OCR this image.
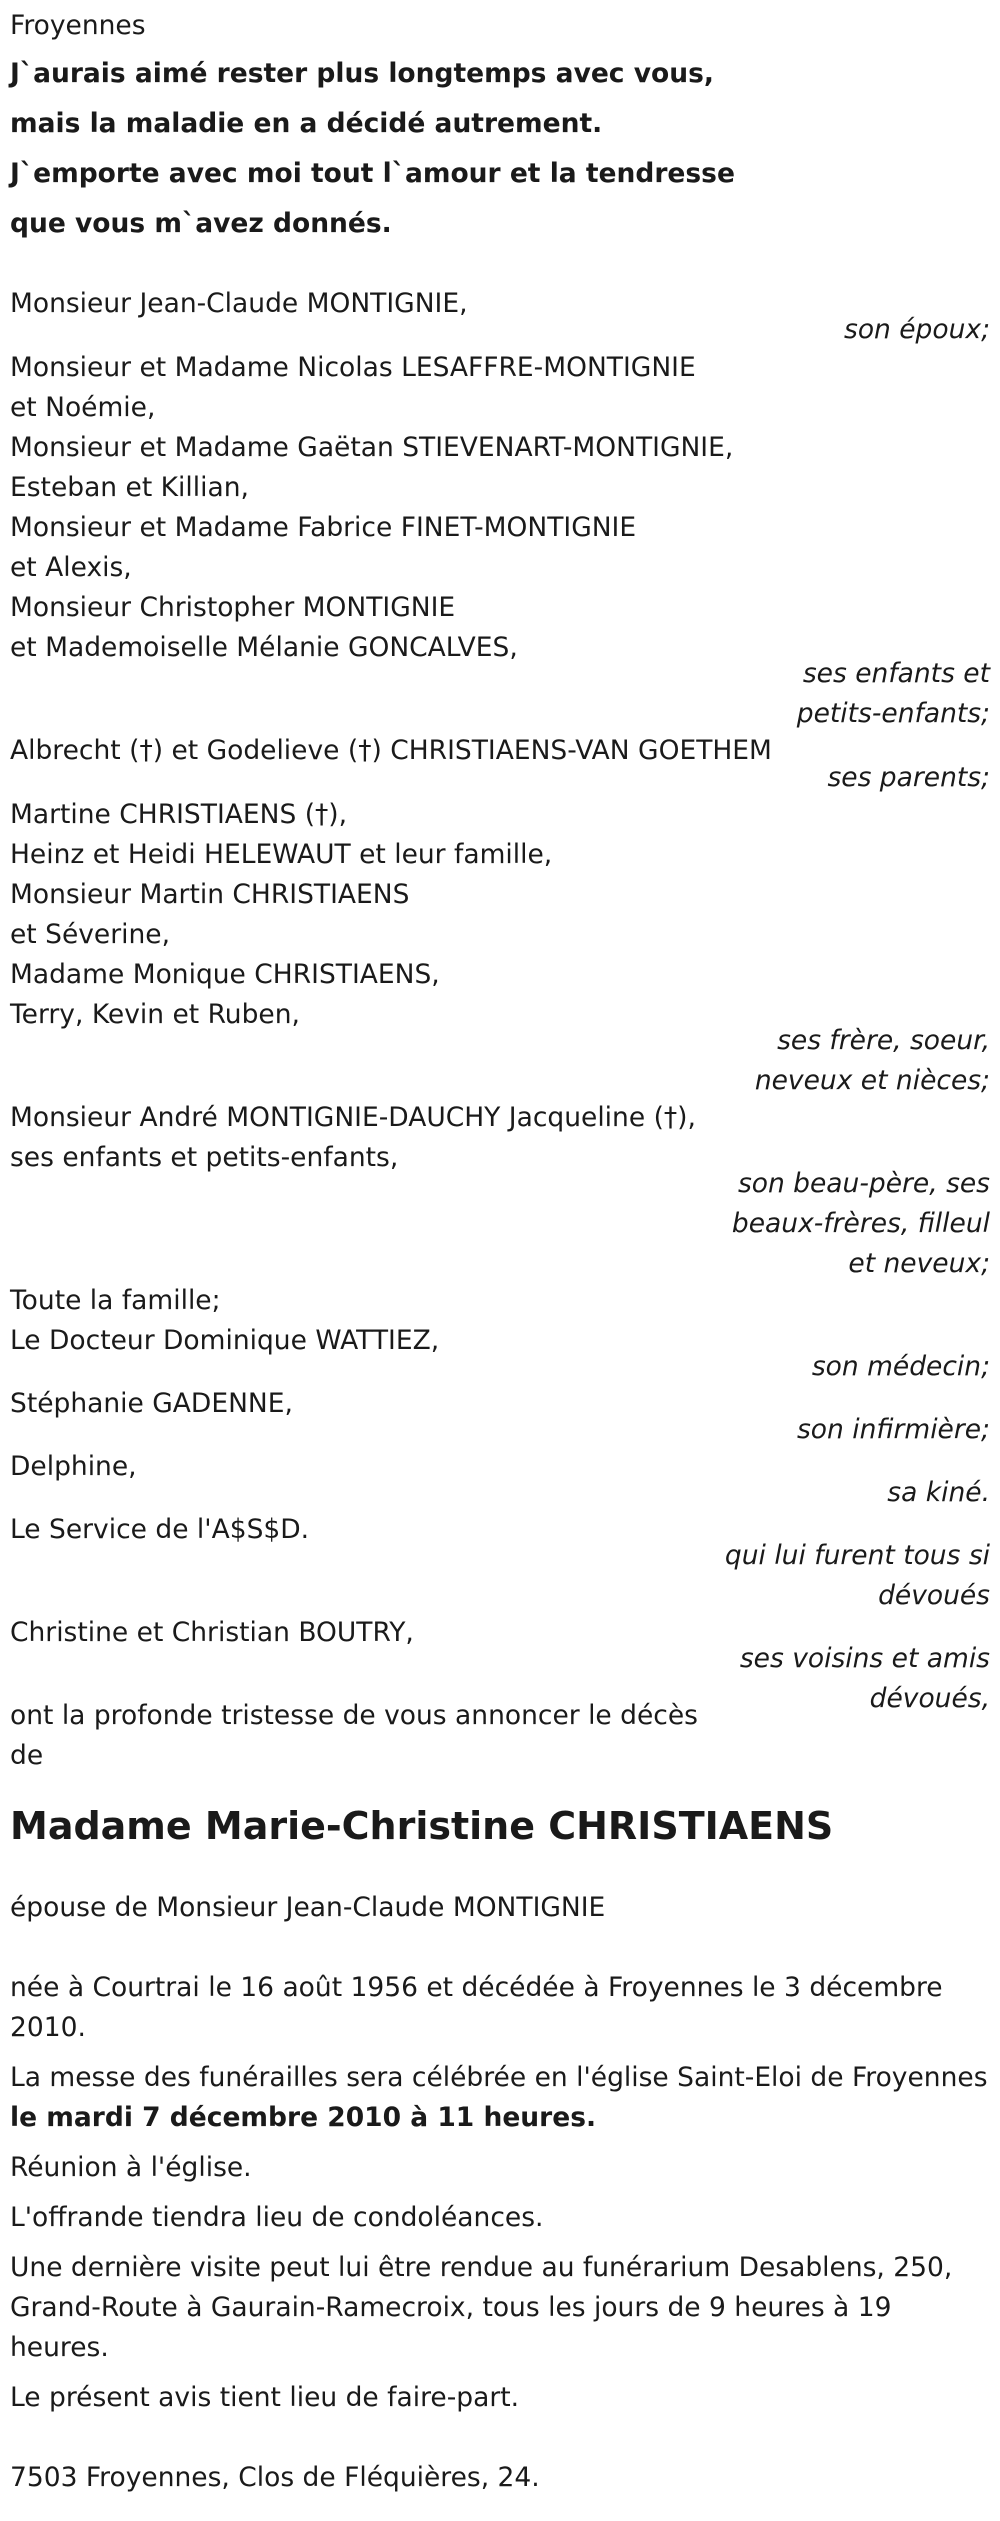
Froyennes
J`aurais aimé rester plus longtemps avec vous,
mais la maladie en a décidé autrement.
J`emporte avec moi tout l`amour et la tendresse
que vous m`avez donnés.
Monsieur Jean-Claude MONTIGNIE,
son époux;
Monsieur et Madame Nicolas LESAFFRE-MONTIGNIE
et Noémie,
Monsieur et Madame Gaëtan STIEVENART-MONTIGNIE,
Esteban et Killian,
Monsieur et Madame Fabrice FINET-MONTIGNIE
et Alexis,
Monsieur Christopher MONTIGNIE
et Mademoiselle Mélanie GONCALVES,
ses enfants et
petits-enfants;
Albrecht (†) et Godelieve (†) CHRISTIAENS-VAN GOETHEM
ses parents;
Martine CHRISTIAENS (†),
Heinz et Heidi HELEWAUT et leur famille,
Monsieur Martin CHRISTIAENS
et Séverine,
Madame Monique CHRISTIAENS,
Terry, Kevin et Ruben,
ses frère, soeur,
neveux et nièces;
Monsieur André MONTIGNIE-DAUCHY Jacqueline (†),
ses enfants et petits-enfants,
son beau-père, ses
beaux-frères, filleul
et neveux;
Toute la famille;
Le Docteur Dominique WATTIEZ,
son médecin;
Stéphanie GADENNE,
son infirmière;
Delphine,
sa kiné.
Le Service de l'A$S$D.
qui lui furent tous si
dévoués
Christine et Christian BOUTRY,
ses voisins et amis
dévoués,
ont la profonde tristesse de vous annoncer le décès
de
Madame Marie-Christine CHRISTIAENS
épouse de Monsieur Jean-Claude MONTIGNIE
née à Courtrai le 16 août 1956 et décédée à Froyennes le 3 décembre
2010.
La messe des funérailles sera célébrée en l'église Saint-Eloi de Froyennes
le mardi 7 décembre 2010 à 11 heures.
Réunion à l'église.
L'offrande tiendra lieu de condoléances.
Une dernière visite peut lui être rendue au funérarium Desablens, 250,
Grand-Route à Gaurain-Ramecroix, tous les jours de 9 heures à 19
heures.
Le présent avis tient lieu de faire-part.
7503 Froyennes, Clos de Fléquières, 24.
